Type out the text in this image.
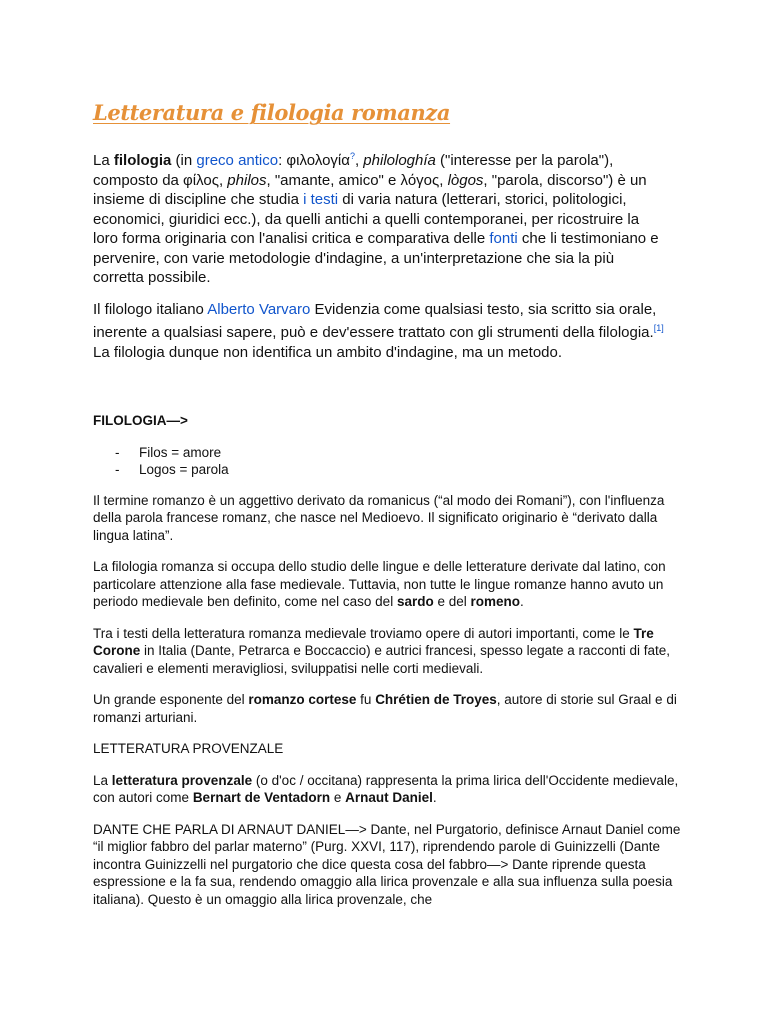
Letteratura e filologia romanza

La filologia (in greco antico: φιλολογία?, philologhía ("interesse per la parola"), composto da φίλος, philos, "amante, amico" e λόγος, lògos, "parola, discorso") è un insieme di discipline che studia i testi di varia natura (letterari, storici, politologici, economici, giuridici ecc.), da quelli antichi a quelli contemporanei, per ricostruire la loro forma originaria con l'analisi critica e comparativa delle fonti che li testimoniano e pervenire, con varie metodologie d'indagine, a un'interpretazione che sia la più corretta possibile.

Il filologo italiano Alberto Varvaro Evidenzia come qualsiasi testo, sia scritto sia orale, inerente a qualsiasi sapere, può e dev'essere trattato con gli strumenti della filologia.[1] La filologia dunque non identifica un ambito d'indagine, ma un metodo.

FILOLOGIA—>

- Filos = amore
- Logos = parola

Il termine romanzo è un aggettivo derivato da romanicus (“al modo dei Romani”), con l'influenza della parola francese romanz, che nasce nel Medioevo. Il significato originario è “derivato dalla lingua latina”.

La filologia romanza si occupa dello studio delle lingue e delle letterature derivate dal latino, con particolare attenzione alla fase medievale. Tuttavia, non tutte le lingue romanze hanno avuto un periodo medievale ben definito, come nel caso del sardo e del romeno.

Tra i testi della letteratura romanza medievale troviamo opere di autori importanti, come le Tre Corone in Italia (Dante, Petrarca e Boccaccio) e autrici francesi, spesso legate a racconti di fate, cavalieri e elementi meravigliosi, sviluppatisi nelle corti medievali.

Un grande esponente del romanzo cortese fu Chrétien de Troyes, autore di storie sul Graal e di romanzi arturiani.

LETTERATURA PROVENZALE

La letteratura provenzale (o d'oc / occitana) rappresenta la prima lirica dell'Occidente medievale, con autori come Bernart de Ventadorn e Arnaut Daniel.

DANTE CHE PARLA DI ARNAUT DANIEL—> Dante, nel Purgatorio, definisce Arnaut Daniel come “il miglior fabbro del parlar materno” (Purg. XXVI, 117), riprendendo parole di Guinizzelli (Dante incontra Guinizzelli nel purgatorio che dice questa cosa del fabbro—> Dante riprende questa espressione e la fa sua, rendendo omaggio alla lirica provenzale e alla sua influenza sulla poesia italiana). Questo è un omaggio alla lirica provenzale, che
